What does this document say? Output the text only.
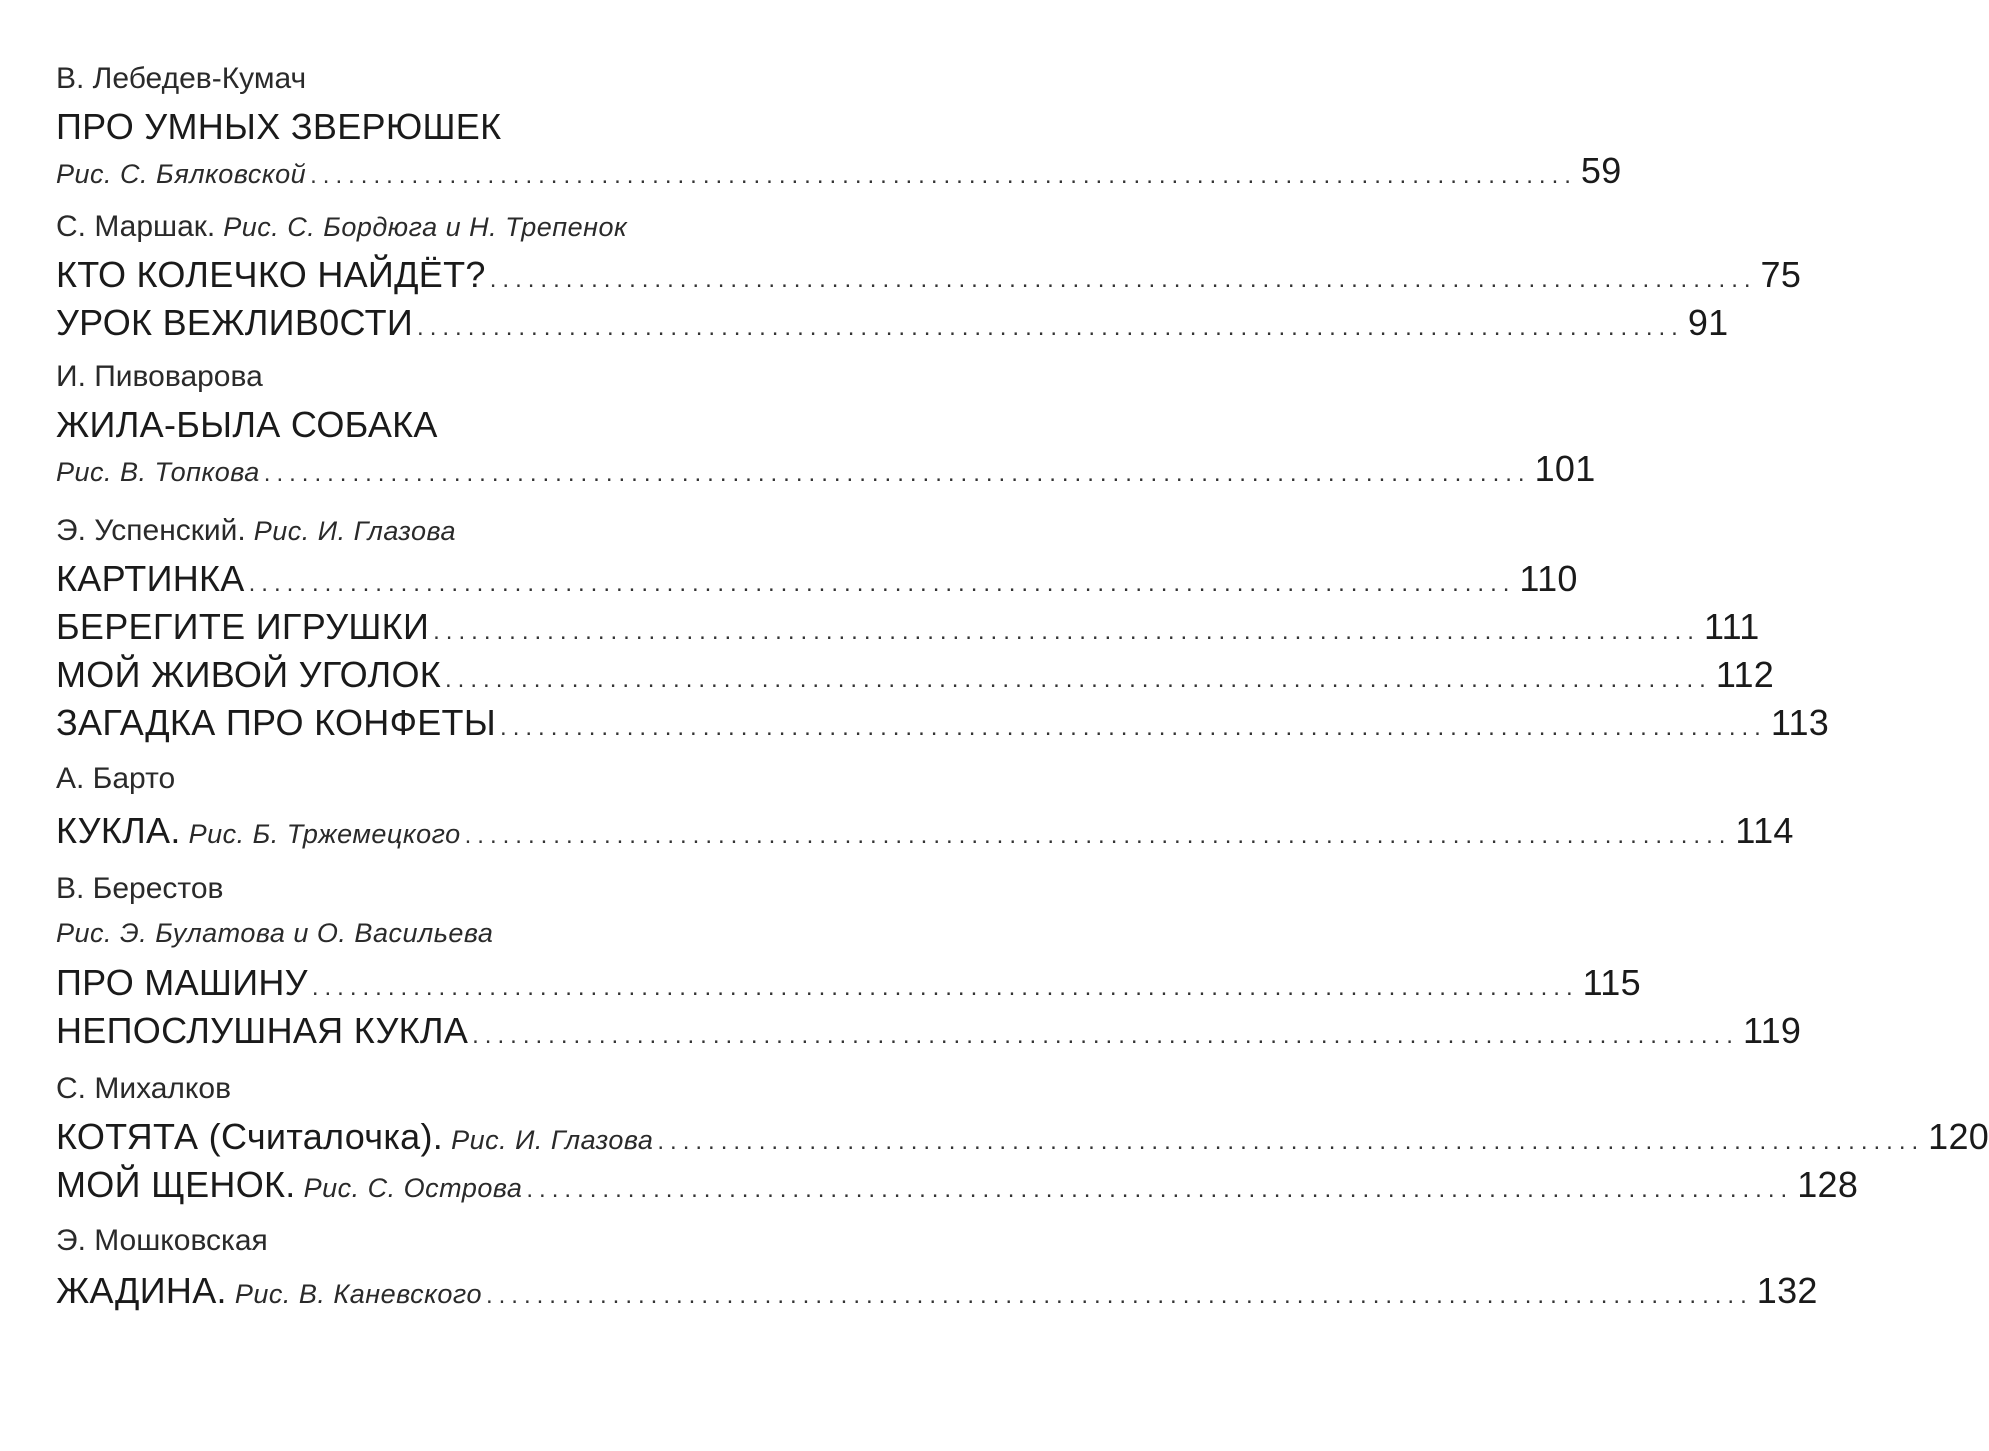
В. Лебедев-Кумач
ПРО УМНЫХ ЗВЕРЮШЕК
Рис. С. Бялковской .................................................................................................... 59
С. Маршак. Рис. С. Бордюга и Н. Трепенок
КТО КОЛЕЧКО НАЙДЁТ? .................................................................................................... 75
УРОК ВЕЖЛИВ0СТИ .................................................................................................... 91
И. Пивоварова
ЖИЛА-БЫЛА СОБАКА
Рис. В. Топкова .................................................................................................... 101
Э. Успенский. Рис. И. Глазова
КАРТИНКА .................................................................................................... 110
БЕРЕГИТЕ ИГРУШКИ .................................................................................................... 111
МОЙ ЖИВОЙ УГОЛОК .................................................................................................... 112
ЗАГАДКА ПРО КОНФЕТЫ .................................................................................................... 113
А. Барто
КУКЛА. Рис. Б. Тржемецкого .................................................................................................... 114
В. Берестов
Рис. Э. Булатова и О. Васильева
ПРО МАШИНУ .................................................................................................... 115
НЕПОСЛУШНАЯ КУКЛА .................................................................................................... 119
С. Михалков
КОТЯТА (Считалочка). Рис. И. Глазова .................................................................................................... 120
МОЙ ЩЕНОК. Рис. С. Острова .................................................................................................... 128
Э. Мошковская
ЖАДИНА. Рис. В. Каневского .................................................................................................... 132
